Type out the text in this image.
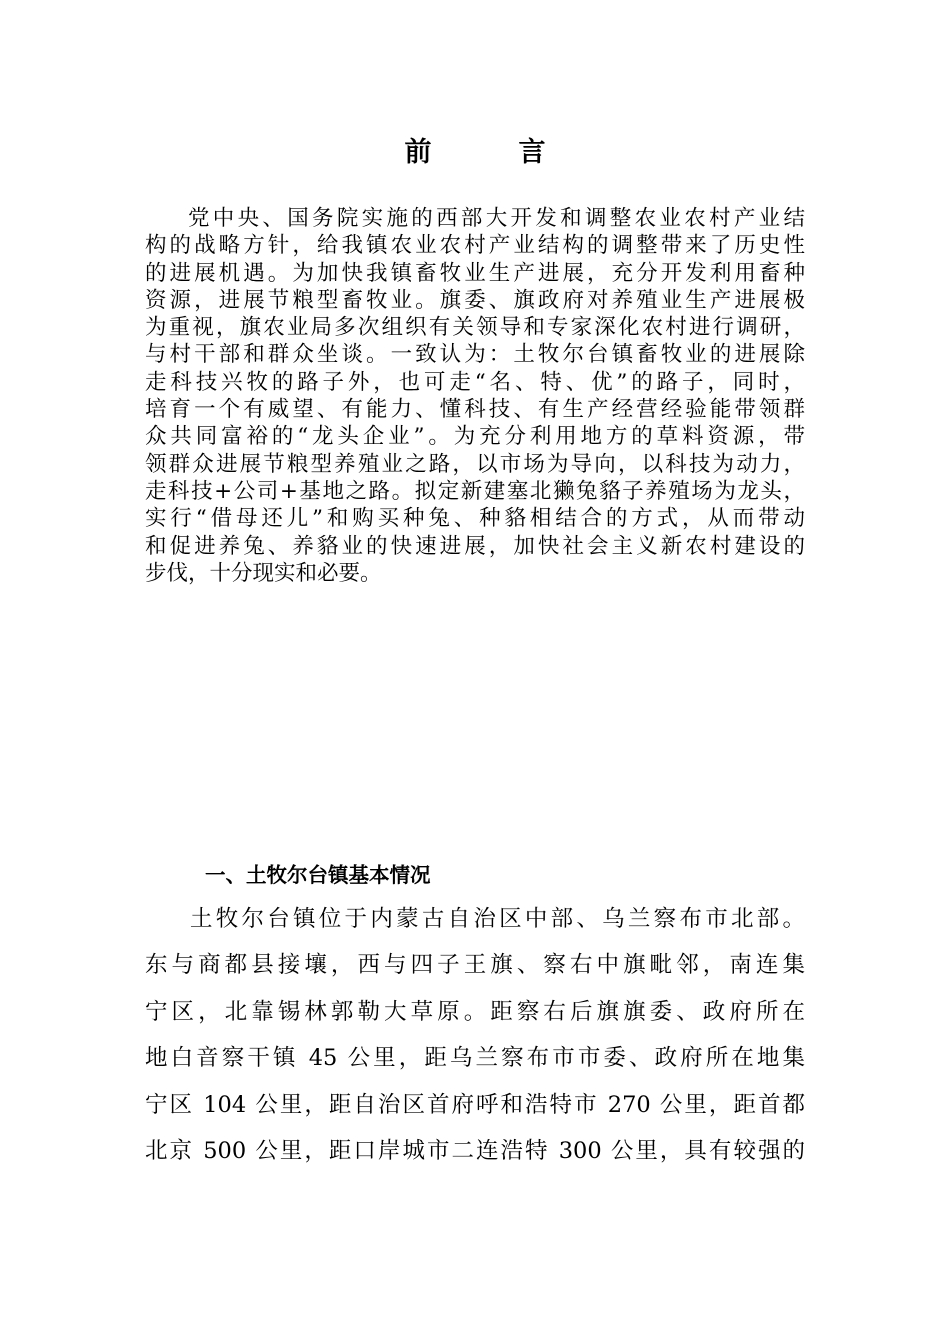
前　言
党中央、国务院实施的西部大开发和调整农业农村产业结
构的战略方针，给我镇农业农村产业结构的调整带来了历史性
的进展机遇。为加快我镇畜牧业生产进展，充分开发利用畜种
资源，进展节粮型畜牧业。旗委、旗政府对养殖业生产进展极
为重视，旗农业局多次组织有关领导和专家深化农村进行调研，
与村干部和群众坐谈。一致认为：土牧尔台镇畜牧业的进展除
走科技兴牧的路子外，也可走“名、特、优”的路子，同时，
培育一个有威望、有能力、懂科技、有生产经营经验能带领群
众共同富裕的“龙头企业”。为充分利用地方的草料资源，带
领群众进展节粮型养殖业之路，以市场为导向，以科技为动力，
走科技+公司+基地之路。拟定新建塞北獭兔貉子养殖场为龙头，
实行“借母还儿”和购买种兔、种貉相结合的方式，从而带动
和促进养兔、养貉业的快速进展，加快社会主义新农村建设的
步伐，十分现实和必要。
一、土牧尔台镇基本情况
土牧尔台镇位于内蒙古自治区中部、乌兰察布市北部。
东与商都县接壤，西与四子王旗、察右中旗毗邻，南连集
宁区，北靠锡林郭勒大草原。距察右后旗旗委、政府所在
地白音察干镇 45 公里，距乌兰察布市市委、政府所在地集
宁区 104 公里，距自治区首府呼和浩特市 270 公里，距首都
北京 500 公里，距口岸城市二连浩特 300 公里，具有较强的
